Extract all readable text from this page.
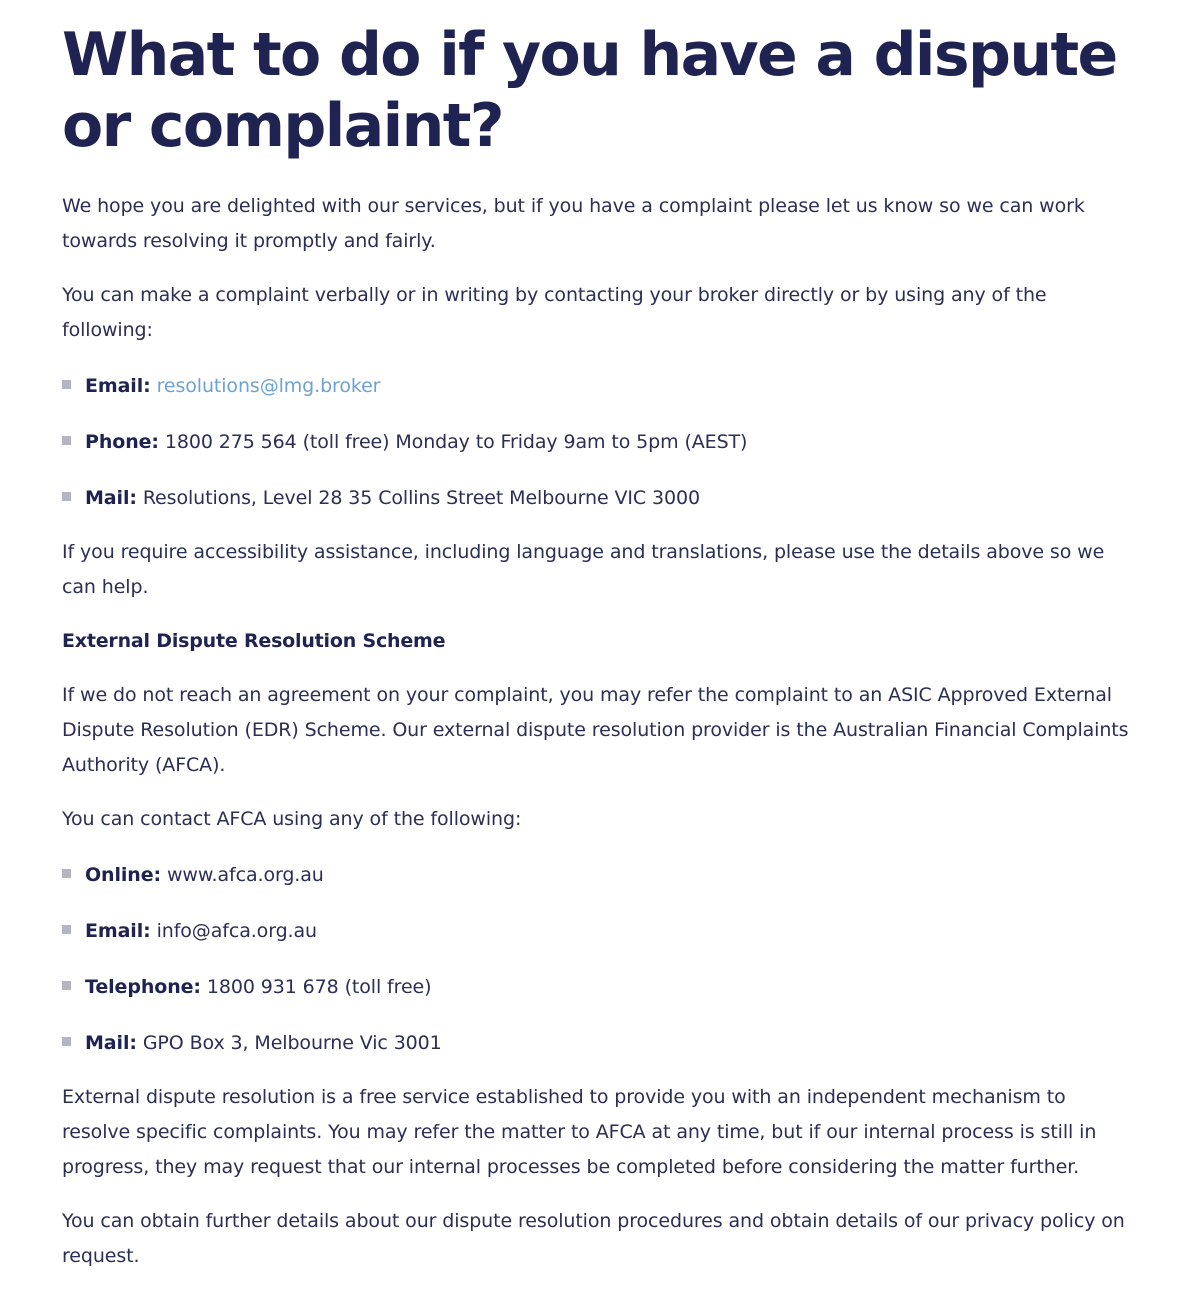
What to do if you have a dispute or complaint?

We hope you are delighted with our services, but if you have a complaint please let us know so we can work towards resolving it promptly and fairly.

You can make a complaint verbally or in writing by contacting your broker directly or by using any of the following:

Email: resolutions@lmg.broker
Phone: 1800 275 564 (toll free) Monday to Friday 9am to 5pm (AEST)
Mail: Resolutions, Level 28 35 Collins Street Melbourne VIC 3000

If you require accessibility assistance, including language and translations, please use the details above so we can help.

External Dispute Resolution Scheme

If we do not reach an agreement on your complaint, you may refer the complaint to an ASIC Approved External Dispute Resolution (EDR) Scheme. Our external dispute resolution provider is the Australian Financial Complaints Authority (AFCA).

You can contact AFCA using any of the following:

Online: www.afca.org.au
Email: info@afca.org.au
Telephone: 1800 931 678 (toll free)
Mail: GPO Box 3, Melbourne Vic 3001

External dispute resolution is a free service established to provide you with an independent mechanism to resolve specific complaints. You may refer the matter to AFCA at any time, but if our internal process is still in progress, they may request that our internal processes be completed before considering the matter further.

You can obtain further details about our dispute resolution procedures and obtain details of our privacy policy on request.
